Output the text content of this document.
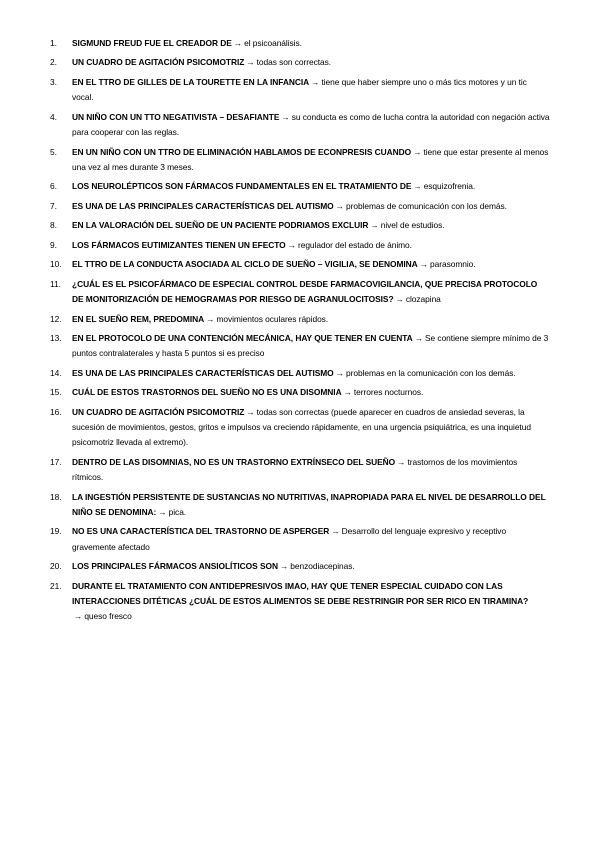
1.	SIGMUND FREUD FUE EL CREADOR DE → el psicoanálisis.
2.	UN CUADRO DE AGITACIÓN PSICOMOTRIZ → todas son correctas.
3.	EN EL TTRO DE GILLES DE LA TOURETTE EN LA INFANCIA → tiene que haber siempre uno o más tics motores y un tic vocal.
4.	UN NIÑO CON UN TTO NEGATIVISTA – DESAFIANTE → su conducta es como de lucha contra la autoridad con negación activa para cooperar con las reglas.
5.	EN UN NIÑO CON UN TTRO DE ELIMINACIÓN HABLAMOS DE ECONPRESIS CUANDO → tiene que estar presente al menos una vez al mes durante 3 meses.
6.	LOS NEUROLÉPTICOS SON FÁRMACOS FUNDAMENTALES EN EL TRATAMIENTO DE → esquizofrenia.
7.	ES UNA DE LAS PRINCIPALES CARACTERÍSTICAS DEL AUTISMO → problemas de comunicación con los demás.
8.	EN LA VALORACIÓN DEL SUEÑO DE UN PACIENTE PODRIAMOS EXCLUIR → nivel de estudios.
9.	LOS FÁRMACOS EUTIMIZANTES TIENEN UN EFECTO → regulador del estado de ánimo.
10.	EL TTRO DE LA CONDUCTA ASOCIADA AL CICLO DE SUEÑO – VIGILIA, SE DENOMINA → parasomnio.
11.	¿CUÁL ES EL PSICOFÁRMACO DE ESPECIAL CONTROL DESDE FARMACOVIGILANCIA, QUE PRECISA PROTOCOLO DE MONITORIZACIÓN DE HEMOGRAMAS POR RIESGO DE AGRANULOCITOSIS? → clozapina
12.	EN EL SUEÑO REM, PREDOMINA → movimientos oculares rápidos.
13.	EN EL PROTOCOLO DE UNA CONTENCIÓN MECÁNICA, HAY QUE TENER EN CUENTA → Se contiene siempre mínimo de 3 puntos contralaterales y hasta 5 puntos si es preciso
14.	ES UNA DE LAS PRINCIPALES CARACTERÍSTICAS DEL AUTISMO → problemas en la comunicación con los demás.
15.	CUÁL DE ESTOS TRASTORNOS DEL SUEÑO NO ES UNA DISOMNIA → terrores nocturnos.
16.	UN CUADRO DE AGITACIÓN PSICOMOTRIZ → todas son correctas (puede aparecer en cuadros de ansiedad severas, la sucesión de movimientos, gestos, gritos e impulsos va creciendo rápidamente, en una urgencia psiquiátrica, es una inquietud psicomotriz llevada al extremo).
17.	DENTRO DE LAS DISOMNIAS, NO ES UN TRASTORNO EXTRÍNSECO DEL SUEÑO → trastornos de los movimientos rítmicos.
18.	LA INGESTIÓN PERSISTENTE DE SUSTANCIAS NO NUTRITIVAS, INAPROPIADA PARA EL NIVEL DE DESARROLLO DEL NIÑO SE DENOMINA: → pica.
19.	NO ES UNA CARACTERÍSTICA DEL TRASTORNO DE ASPERGER → Desarrollo del lenguaje expresivo y receptivo gravemente afectado
20.	LOS PRINCIPALES FÁRMACOS ANSIOLÍTICOS SON → benzodiacepinas.
21.	DURANTE EL TRATAMIENTO CON ANTIDEPRESIVOS IMAO, HAY QUE TENER ESPECIAL CUIDADO CON LAS INTERACCIONES DITÉTICAS ¿CUÁL DE ESTOS ALIMENTOS SE DEBE RESTRINGIR POR SER RICO EN TIRAMINA?→ queso fresco
